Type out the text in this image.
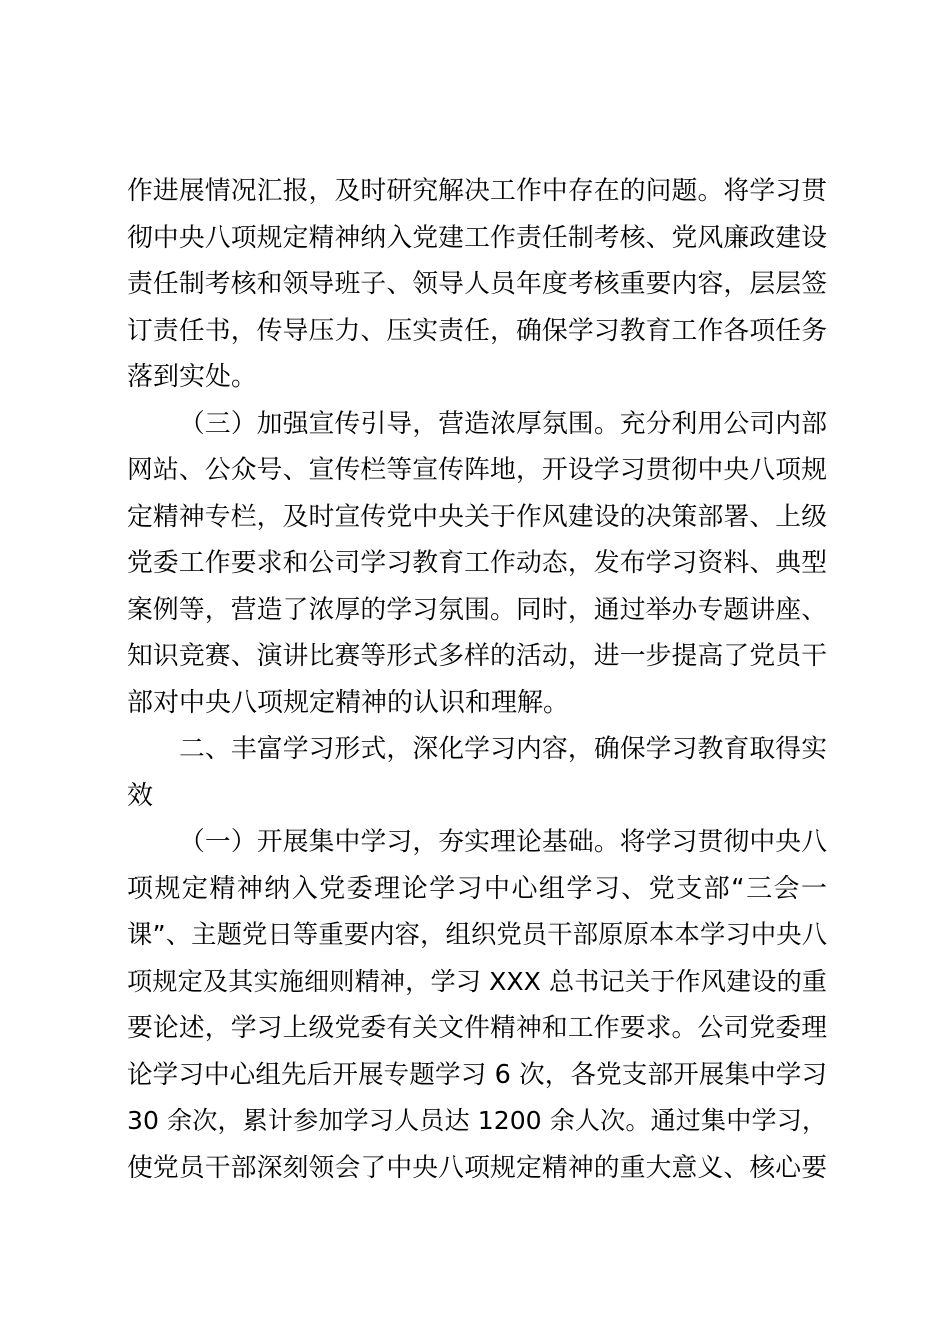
作进展情况汇报，及时研究解决工作中存在的问题。将学习贯
彻中央八项规定精神纳入党建工作责任制考核、党风廉政建设
责任制考核和领导班子、领导人员年度考核重要内容，层层签
订责任书，传导压力、压实责任，确保学习教育工作各项任务
落到实处。
（三）加强宣传引导，营造浓厚氛围。充分利用公司内部
网站、公众号、宣传栏等宣传阵地，开设学习贯彻中央八项规
定精神专栏，及时宣传党中央关于作风建设的决策部署、上级
党委工作要求和公司学习教育工作动态，发布学习资料、典型
案例等，营造了浓厚的学习氛围。同时，通过举办专题讲座、
知识竞赛、演讲比赛等形式多样的活动，进一步提高了党员干
部对中央八项规定精神的认识和理解。
二、丰富学习形式，深化学习内容，确保学习教育取得实
效
（一）开展集中学习，夯实理论基础。将学习贯彻中央八
项规定精神纳入党委理论学习中心组学习、党支部“三会一
课”、主题党日等重要内容，组织党员干部原原本本学习中央八
项规定及其实施细则精神，学习 XXX 总书记关于作风建设的重
要论述，学习上级党委有关文件精神和工作要求。公司党委理
论学习中心组先后开展专题学习 6 次，各党支部开展集中学习
30 余次，累计参加学习人员达 1200 余人次。通过集中学习，
使党员干部深刻领会了中央八项规定精神的重大意义、核心要
